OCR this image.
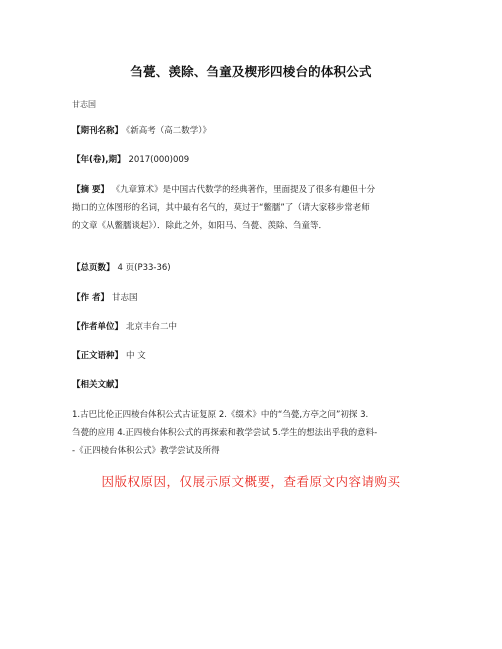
刍甍、羡除、刍童及楔形四棱台的体积公式
甘志国
【期刊名称】 《新高考（高二数学）》
【年(卷),期】 2017(000)009
【摘 要】 《九章算术》是中国古代数学的经典著作，里面提及了很多有趣但十分
拗口的立体图形的名词，其中最有名气的，莫过于“鳖臑”了（请大家移步常老师
的文章《从鳖臑谈起》）．除此之外，如阳马、刍甍、羡除、刍童等．
【总页数】 4 页(P33-36)
【作 者】 甘志国
【作者单位】 北京丰台二中
【正文语种】 中 文
【相关文献】
1.古巴比伦正四棱台体积公式古证复原 2.《缀术》中的“刍甍,方亭之问”初探 3.
刍甍的应用 4.正四棱台体积公式的再探索和教学尝试 5.学生的想法出乎我的意料-
-《正四棱台体积公式》教学尝试及所得
因版权原因，仅展示原文概要，查看原文内容请购买
